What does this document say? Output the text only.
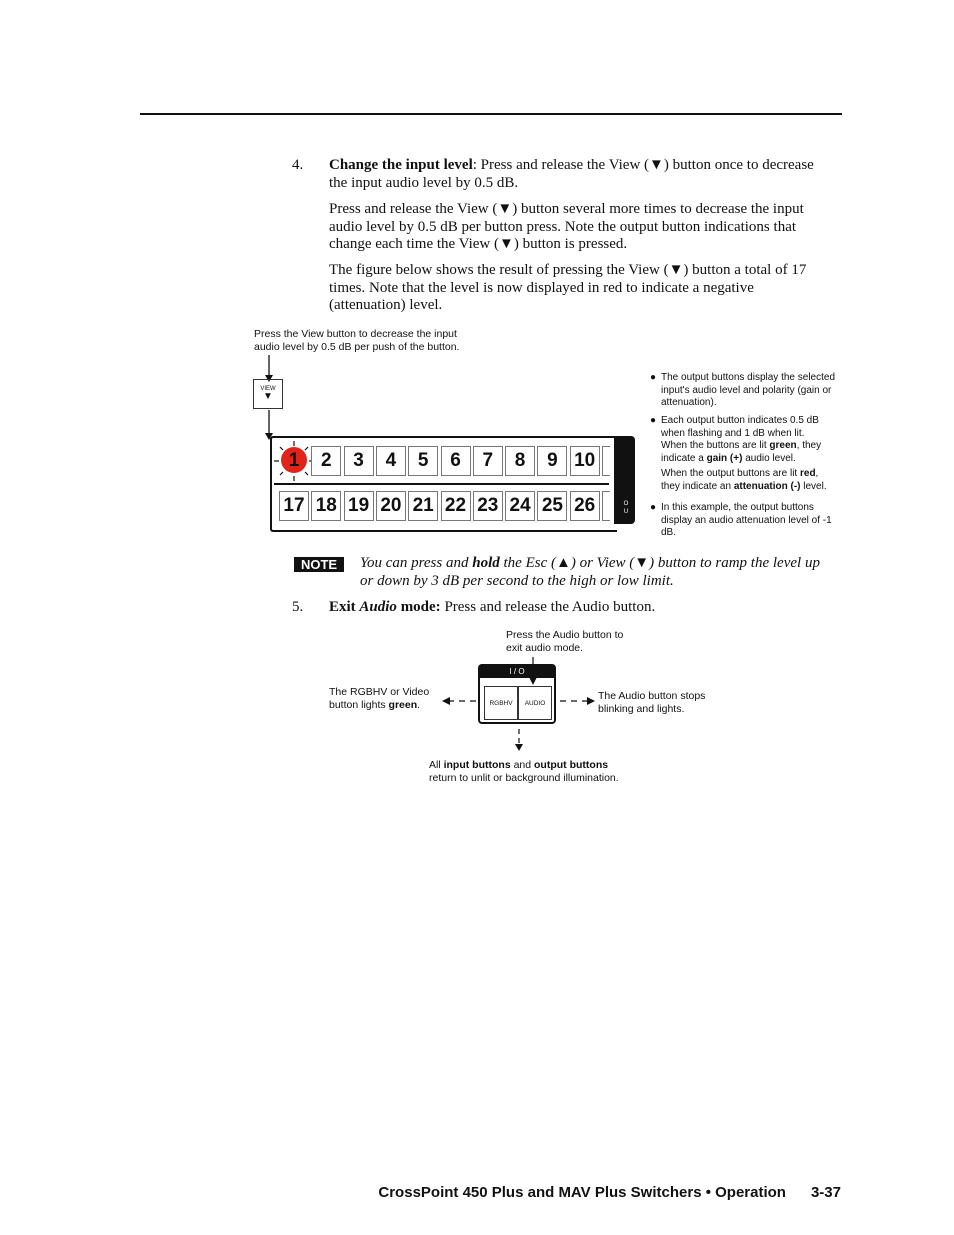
4.	Change the input level: Press and release the View (▼) button once to decrease the input audio level by 0.5 dB.
Press and release the View (▼) button several more times to decrease the input audio level by 0.5 dB per button press. Note the output button indications that change each time the View (▼) button is pressed.
The figure below shows the result of pressing the View (▼) button a total of 17 times. Note that the level is now displayed in red to indicate a negative (attenuation) level.
Press the View button to decrease the input audio level by 0.5 dB per push of the button.
VIEW
▼
O
U
1	2	3	4	5	6	7	8	9 10
17 18 19 20 21 22 23 24 25 26
● The output buttons display the selected input's audio level and polarity (gain or attenuation).
● Each output button indicates 0.5 dB when flashing and 1 dB when lit.
When the buttons are lit green, they indicate a gain (+) audio level.
When the output buttons are lit red, they indicate an attenuation (-) level.
● In this example, the output buttons display an audio attenuation level of -1 dB.
NOTE	You can press and hold the Esc (▲) or View (▼) button to ramp the level up or down by 3 dB per second to the high or low limit.
5.	Exit Audio mode: Press and release the Audio button.
Press the Audio button to exit audio mode.
I / O
RGBHV	AUDIO
The RGBHV or Video button lights green.
The Audio button stops blinking and lights.
All input buttons and output buttons return to unlit or background illumination.
CrossPoint 450 Plus and MAV Plus Switchers • Operation 3-37
